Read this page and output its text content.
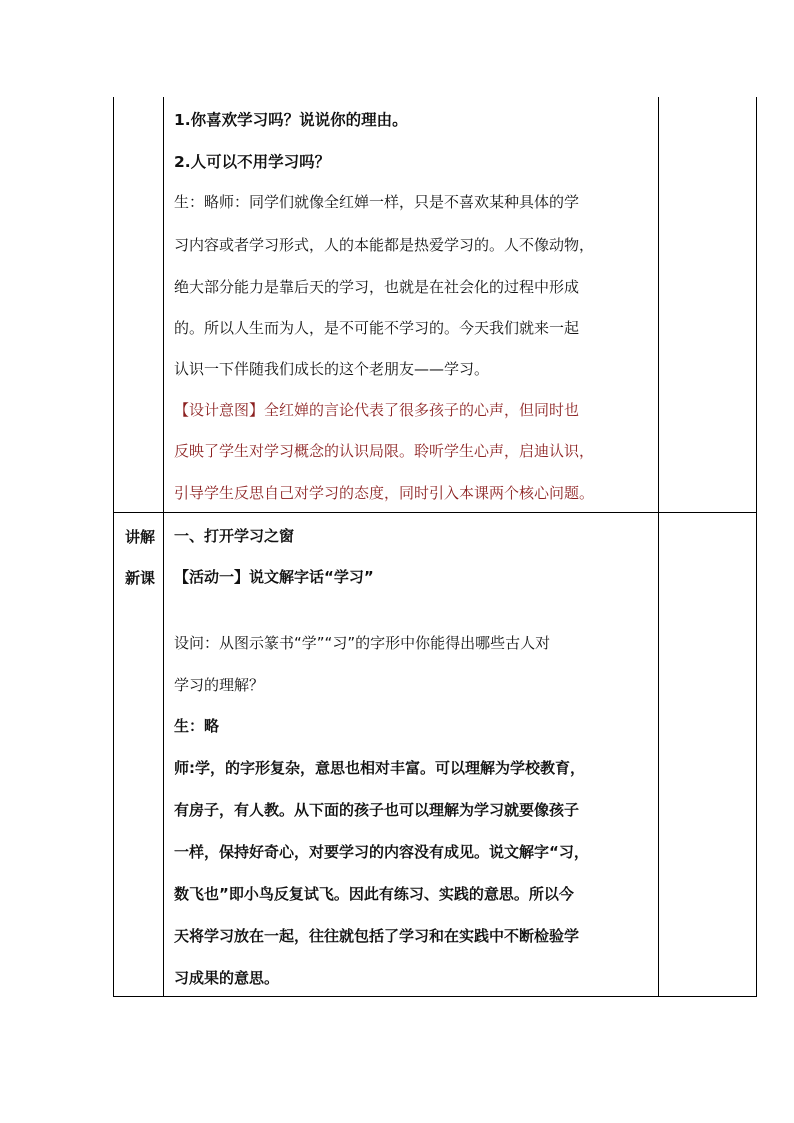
1.你喜欢学习吗？说说你的理由。
2.人可以不用学习吗？
生：略师：同学们就像全红婵一样，只是不喜欢某种具体的学
习内容或者学习形式，人的本能都是热爱学习的。人不像动物，
绝大部分能力是靠后天的学习，也就是在社会化的过程中形成
的。所以人生而为人，是不可能不学习的。今天我们就来一起
认识一下伴随我们成长的这个老朋友——学习。
【设计意图】全红婵的言论代表了很多孩子的心声，但同时也
反映了学生对学习概念的认识局限。聆听学生心声，启迪认识，
引导学生反思自己对学习的态度，同时引入本课两个核心问题。
讲解
新课
一、打开学习之窗
【活动一】说文解字话“学习”
设问：从图示篆书“学”“习”的字形中你能得出哪些古人对
学习的理解？
生：略
师:学，的字形复杂，意思也相对丰富。可以理解为学校教育，
有房子，有人教。从下面的孩子也可以理解为学习就要像孩子
一样，保持好奇心，对要学习的内容没有成见。说文解字“习，
数飞也”即小鸟反复试飞。因此有练习、实践的意思。所以今
天将学习放在一起，往往就包括了学习和在实践中不断检验学
习成果的意思。
